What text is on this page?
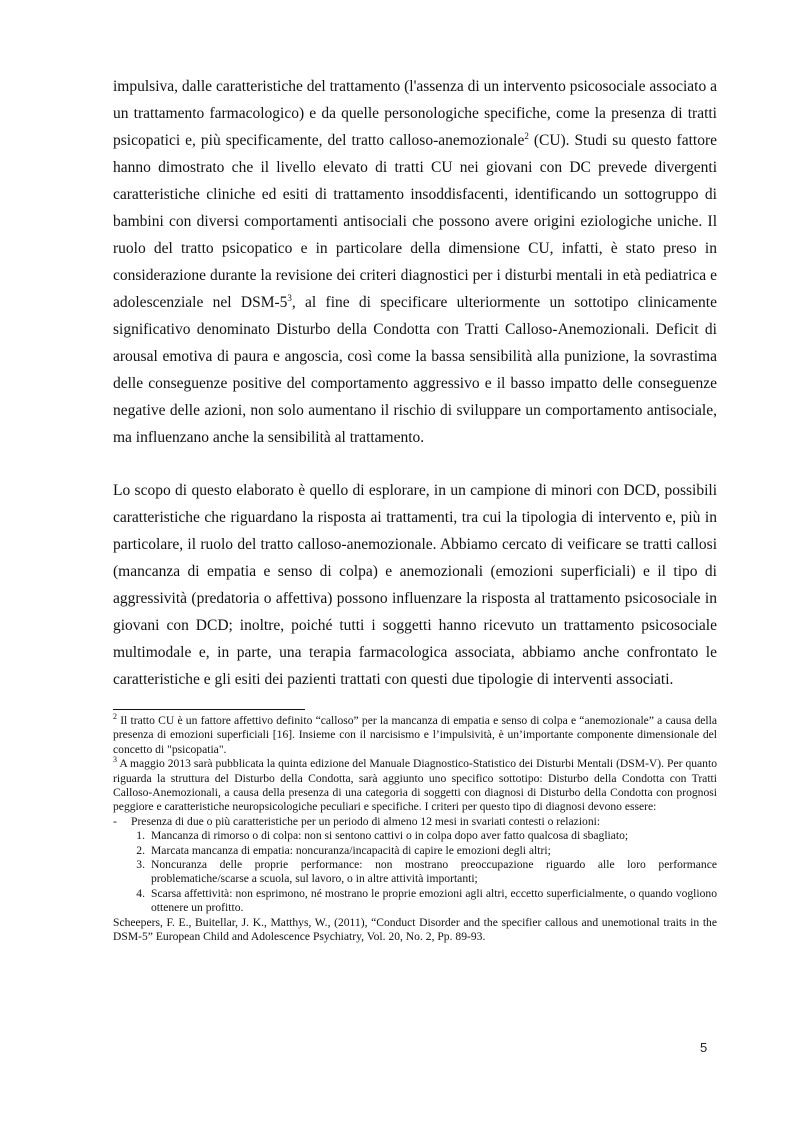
impulsiva, dalle caratteristiche del trattamento (l'assenza di un intervento psicosociale associato a un trattamento farmacologico) e da quelle personologiche specifiche, come la presenza di tratti psicopatici e, più specificamente, del tratto calloso-anemozionale$^2$ (CU). Studi su questo fattore hanno dimostrato che il livello elevato di tratti CU nei giovani con DC prevede divergenti caratteristiche cliniche ed esiti di trattamento insoddisfacenti, identificando un sottogruppo di bambini con diversi comportamenti antisociali che possono avere origini eziologiche uniche. Il ruolo del tratto psicopatico e in particolare della dimensione CU, infatti, è stato preso in considerazione durante la revisione dei criteri diagnostici per i disturbi mentali in età pediatrica e adolescenziale nel DSM-$5^3$, al fine di specificare ulteriormente un sottotipo clinicamente significativo denominato Disturbo della Condotta con Tratti Calloso-Anemozionali. Deficit di arousal emotiva di paura e angoscia, così come la bassa sensibilità alla punizione, la sovrastima delle conseguenze positive del comportamento aggressivo e il basso impatto delle conseguenze negative delle azioni, non solo aumentano il rischio di sviluppare un comportamento antisociale, ma influenzano anche la sensibilità al trattamento.

Lo scopo di questo elaborato è quello di esplorare, in un campione di minori con DCD, possibili caratteristiche che riguardano la risposta ai trattamenti, tra cui la tipologia di intervento e, più in particolare, il ruolo del tratto calloso-anemozionale. Abbiamo cercato di veificare se tratti callosi (mancanza di empatia e senso di colpa) e anemozionali (emozioni superficiali) e il tipo di aggressività (predatoria o affettiva) possono influenzare la risposta al trattamento psicosociale in giovani con DCD; inoltre, poiché tutti i soggetti hanno ricevuto un trattamento psicosociale multimodale e, in parte, una terapia farmacologica associata, abbiamo anche confrontato le caratteristiche e gli esiti dei pazienti trattati con questi due tipologie di interventi associati.

$^2$ Il tratto CU è un fattore affettivo definito “calloso” per la mancanza di empatia e senso di colpa e “anemozionale” a causa della presenza di emozioni superficiali [16]. Insieme con il narcisismo e l’impulsività, è un’importante componente dimensionale del concetto di "psicopatia".

$^3$ A maggio 2013 sarà pubblicata la quinta edizione del Manuale Diagnostico-Statistico dei Disturbi Mentali (DSM-V). Per quanto riguarda la struttura del Disturbo della Condotta, sarà aggiunto uno specifico sottotipo: Disturbo della Condotta con Tratti Calloso-Anemozionali, a causa della presenza di una categoria di soggetti con diagnosi di Disturbo della Condotta con prognosi peggiore e caratteristiche neuropsicologiche peculiari e specifiche. I criteri per questo tipo di diagnosi devono essere:

-	Presenza di due o più caratteristiche per un periodo di almeno 12 mesi in svariati contesti o relazioni:
1. Mancanza di rimorso o di colpa: non si sentono cattivi o in colpa dopo aver fatto qualcosa di sbagliato;
2. Marcata mancanza di empatia: noncuranza/incapacità di capire le emozioni degli altri;
3. Noncuranza delle proprie performance: non mostrano preoccupazione riguardo alle loro performance problematiche/scarse a scuola, sul lavoro, o in altre attività importanti;
4. Scarsa affettività: non esprimono, né mostrano le proprie emozioni agli altri, eccetto superficialmente, o quando vogliono ottenere un profitto.

Scheepers, F. E., Buitellar, J. K., Matthys, W., (2011), “Conduct Disorder and the specifier callous and unemotional traits in the DSM-5” European Child and Adolescence Psychiatry, Vol. 20, No. 2, Pp. 89-93.

5
